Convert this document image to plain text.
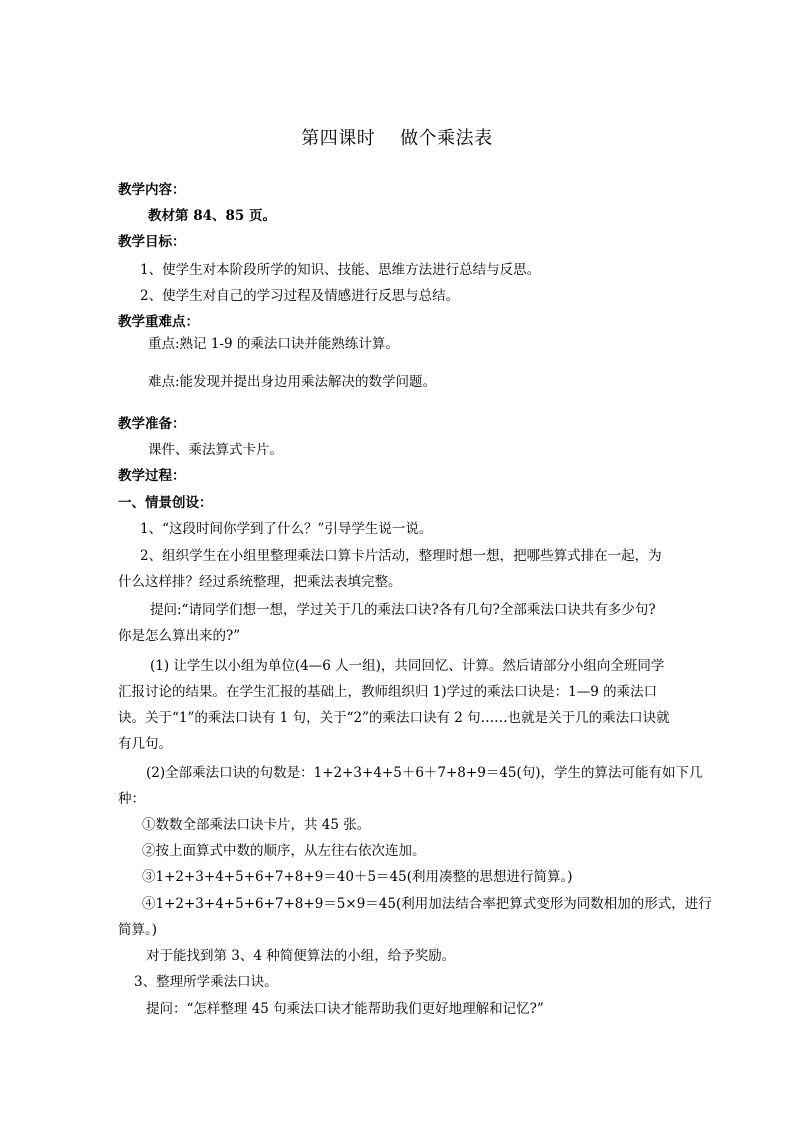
第四课时    做个乘法表
教学内容：
教材第 84、85 页。
教学目标：
1、使学生对本阶段所学的知识、技能、思维方法进行总结与反思。
2、使学生对自己的学习过程及情感进行反思与总结。
教学重难点：
重点:熟记 1-9 的乘法口诀并能熟练计算。
难点:能发现并提出身边用乘法解决的数学问题。
教学准备：
课件、乘法算式卡片。
教学过程：
一、情景创设：
1、“这段时间你学到了什么？”引导学生说一说。
2、组织学生在小组里整理乘法口算卡片活动，整理时想一想，把哪些算式排在一起，为
什么这样排？经过系统整理，把乘法表填完整。
提问:“请同学们想一想，学过关于几的乘法口诀?各有几句?全部乘法口诀共有多少句?
你是怎么算出来的?”
(1) 让学生以小组为单位(4—6 人一组)，共同回忆、计算。然后请部分小组向全班同学
汇报讨论的结果。在学生汇报的基础上，教师组织归 1)学过的乘法口诀是：1—9 的乘法口
诀。关于“1”的乘法口诀有 1 句，关于“2”的乘法口诀有 2 句……也就是关于几的乘法口诀就
有几句。
(2)全部乘法口诀的句数是：1+2+3+4+5＋6＋7+8+9＝45(句)，学生的算法可能有如下几
种：
①数数全部乘法口诀卡片，共 45 张。
②按上面算式中数的顺序，从左往右依次连加。
③1+2+3+4+5+6+7+8+9＝40＋5＝45(利用凑整的思想进行简算。)
④1+2+3+4+5+6+7+8+9＝5×9＝45(利用加法结合率把算式变形为同数相加的形式，进行
简算。)
对于能找到第 3、4 种简便算法的小组，给予奖励。
3、整理所学乘法口诀。
提问：“怎样整理 45 句乘法口诀才能帮助我们更好地理解和记忆?”
